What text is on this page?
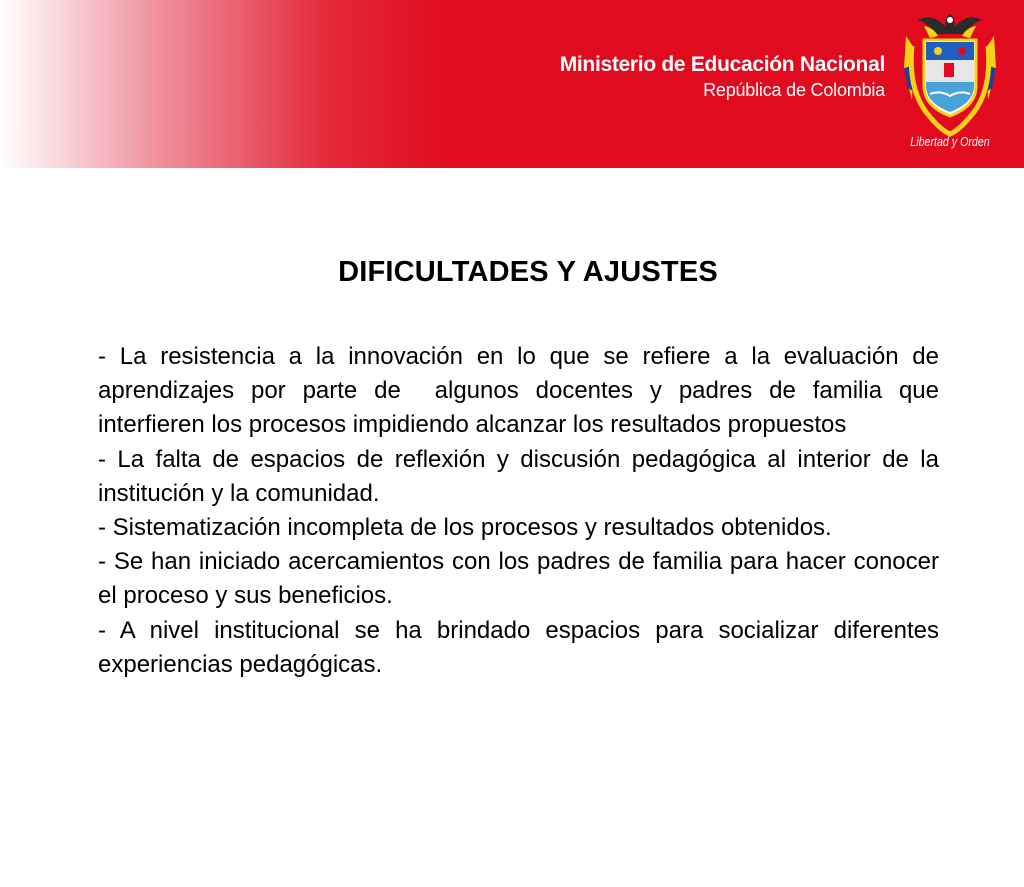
Ministerio de Educación Nacional
República de Colombia
Libertad y Orden
DIFICULTADES Y AJUSTES

- La resistencia a la innovación en lo que se refiere a la evaluación de aprendizajes por parte de  algunos docentes y padres de familia que interfieren los procesos impidiendo alcanzar los resultados propuestos

- La falta de espacios de reflexión y discusión pedagógica al interior de la institución y la comunidad.

- Sistematización incompleta de los procesos y resultados obtenidos.

- Se han iniciado acercamientos con los padres de familia para hacer conocer el proceso y sus beneficios.

- A nivel institucional se ha brindado espacios para socializar diferentes experiencias pedagógicas.
